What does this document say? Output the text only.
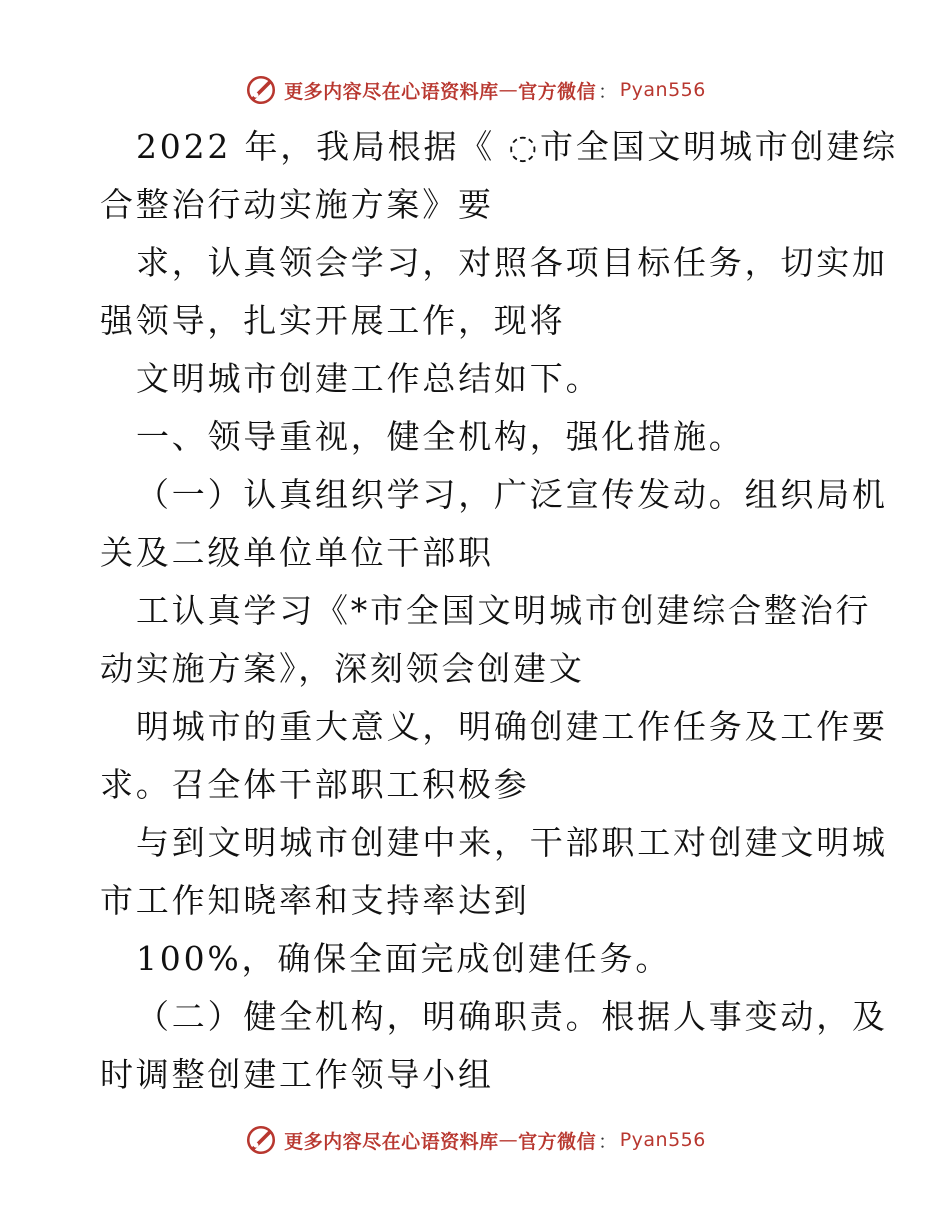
更多内容尽在心语资料库 — 官方微信 ： Pyan556
2022 年，我局根据《 ◌市全国文明城市创建综
合整治行动实施方案》要
求，认真领会学习，对照各项目标任务，切实加
强领导，扎实开展工作，现将
文明城市创建工作总结如下。
一、领导重视，健全机构，强化措施。
（一）认真组织学习，广泛宣传发动。组织局机
关及二级单位单位干部职
工认真学习《*市全国文明城市创建综合整治行
动实施方案》，深刻领会创建文
明城市的重大意义，明确创建工作任务及工作要
求。召全体干部职工积极参
与到文明城市创建中来，干部职工对创建文明城
市工作知晓率和支持率达到
100%，确保全面完成创建任务。
（二）健全机构，明确职责。根据人事变动，及
时调整创建工作领导小组
更多内容尽在心语资料库 — 官方微信 ： Pyan556
